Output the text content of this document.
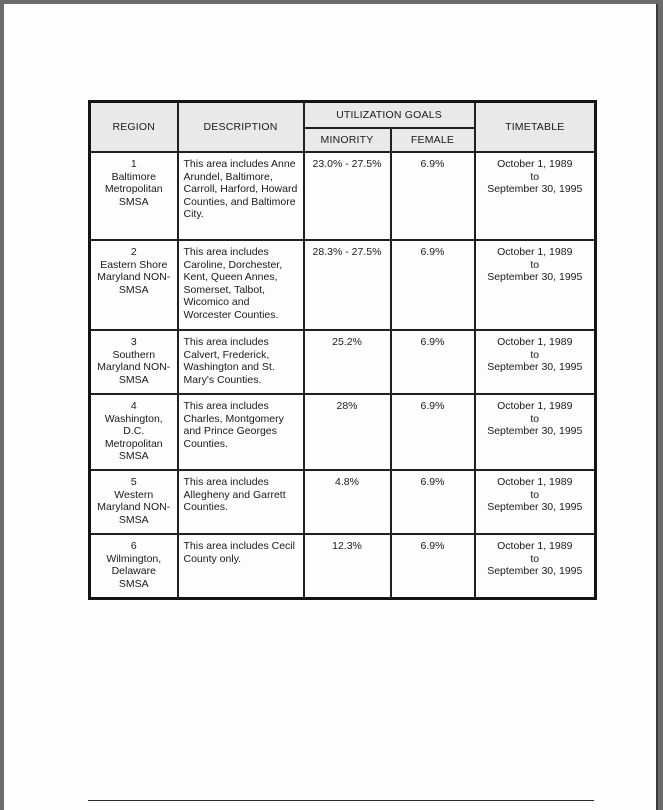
REGION	DESCRIPTION	UTILIZATION GOALS		TIMETABLE
		MINORITY	FEMALE	

1
Baltimore Metropolitan SMSA	This area includes Anne Arundel, Baltimore, Carroll, Harford, Howard Counties, and Baltimore City.	23.0% - 27.5%	6.9%	October 1, 1989
to
September 30, 1995

2
Eastern Shore Maryland NON-SMSA	This area includes Caroline, Dorchester, Kent, Queen Annes, Somerset, Talbot, Wicomico and Worcester Counties.	28.3% - 27.5%	6.9%	October 1, 1989
to
September 30, 1995

3
Southern Maryland NON-SMSA	This area includes Calvert, Frederick, Washington and St. Mary's Counties.	25.2%	6.9%	October 1, 1989
to
September 30, 1995

4
Washington, D.C. Metropolitan SMSA	This area includes Charles, Montgomery and Prince Georges Counties.	28%	6.9%	October 1, 1989
to
September 30, 1995

5
Western Maryland NON-SMSA	This area includes Allegheny and Garrett Counties.	4.8%	6.9%	October 1, 1989
to
September 30, 1995

6
Wilmington, Delaware SMSA	This area includes Cecil County only.	12.3%	6.9%	October 1, 1989
to
September 30, 1995
